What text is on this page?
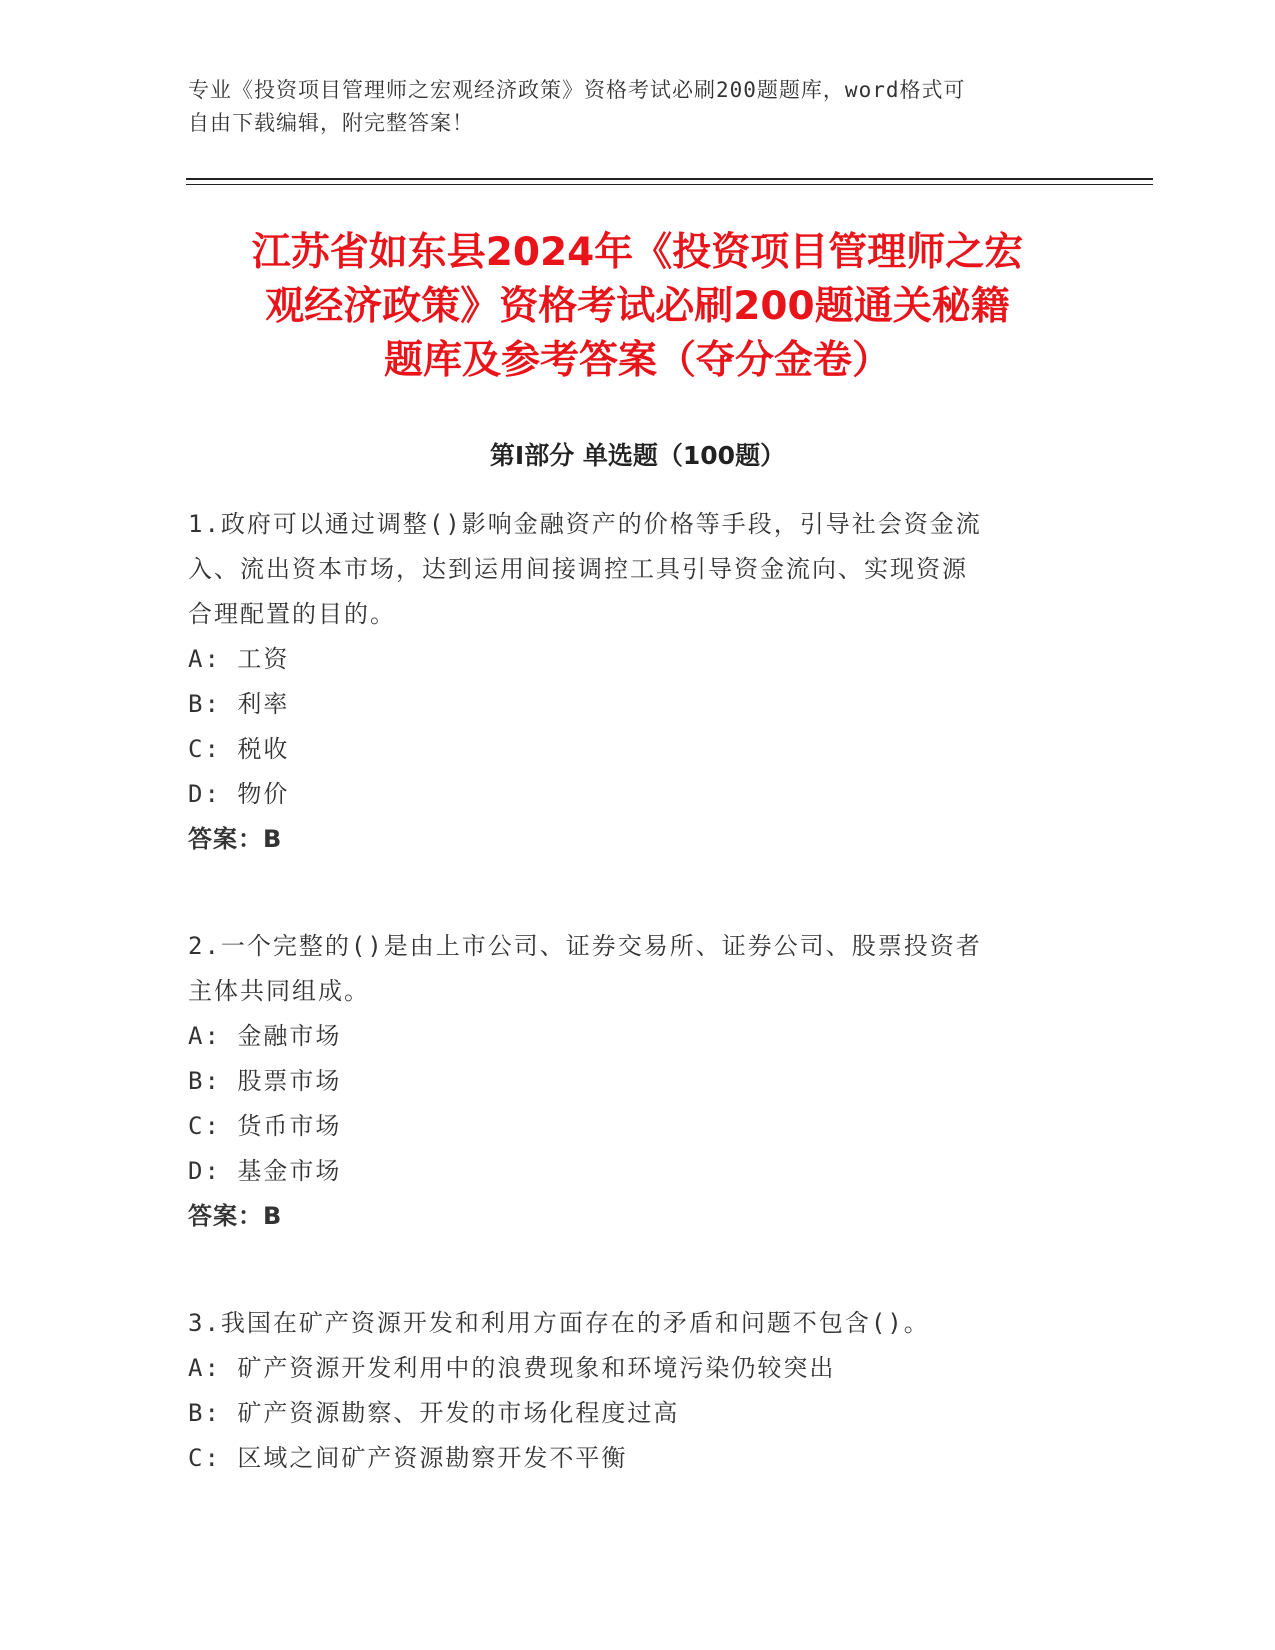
专业《投资项目管理师之宏观经济政策》资格考试必刷200题题库，word格式可
自由下载编辑，附完整答案！
江苏省如东县2024年《投资项目管理师之宏
观经济政策》资格考试必刷200题通关秘籍
题库及参考答案（夺分金卷）
第Ⅰ部分 单选题（100题）
1.政府可以通过调整()影响金融资产的价格等手段，引导社会资金流
入、流出资本市场，达到运用间接调控工具引导资金流向、实现资源
合理配置的目的。
A: 工资
B: 利率
C: 税收
D: 物价
答案：B
2.一个完整的()是由上市公司、证券交易所、证券公司、股票投资者
主体共同组成。
A: 金融市场
B: 股票市场
C: 货币市场
D: 基金市场
答案：B
3.我国在矿产资源开发和利用方面存在的矛盾和问题不包含()。
A: 矿产资源开发利用中的浪费现象和环境污染仍较突出
B: 矿产资源勘察、开发的市场化程度过高
C: 区域之间矿产资源勘察开发不平衡
